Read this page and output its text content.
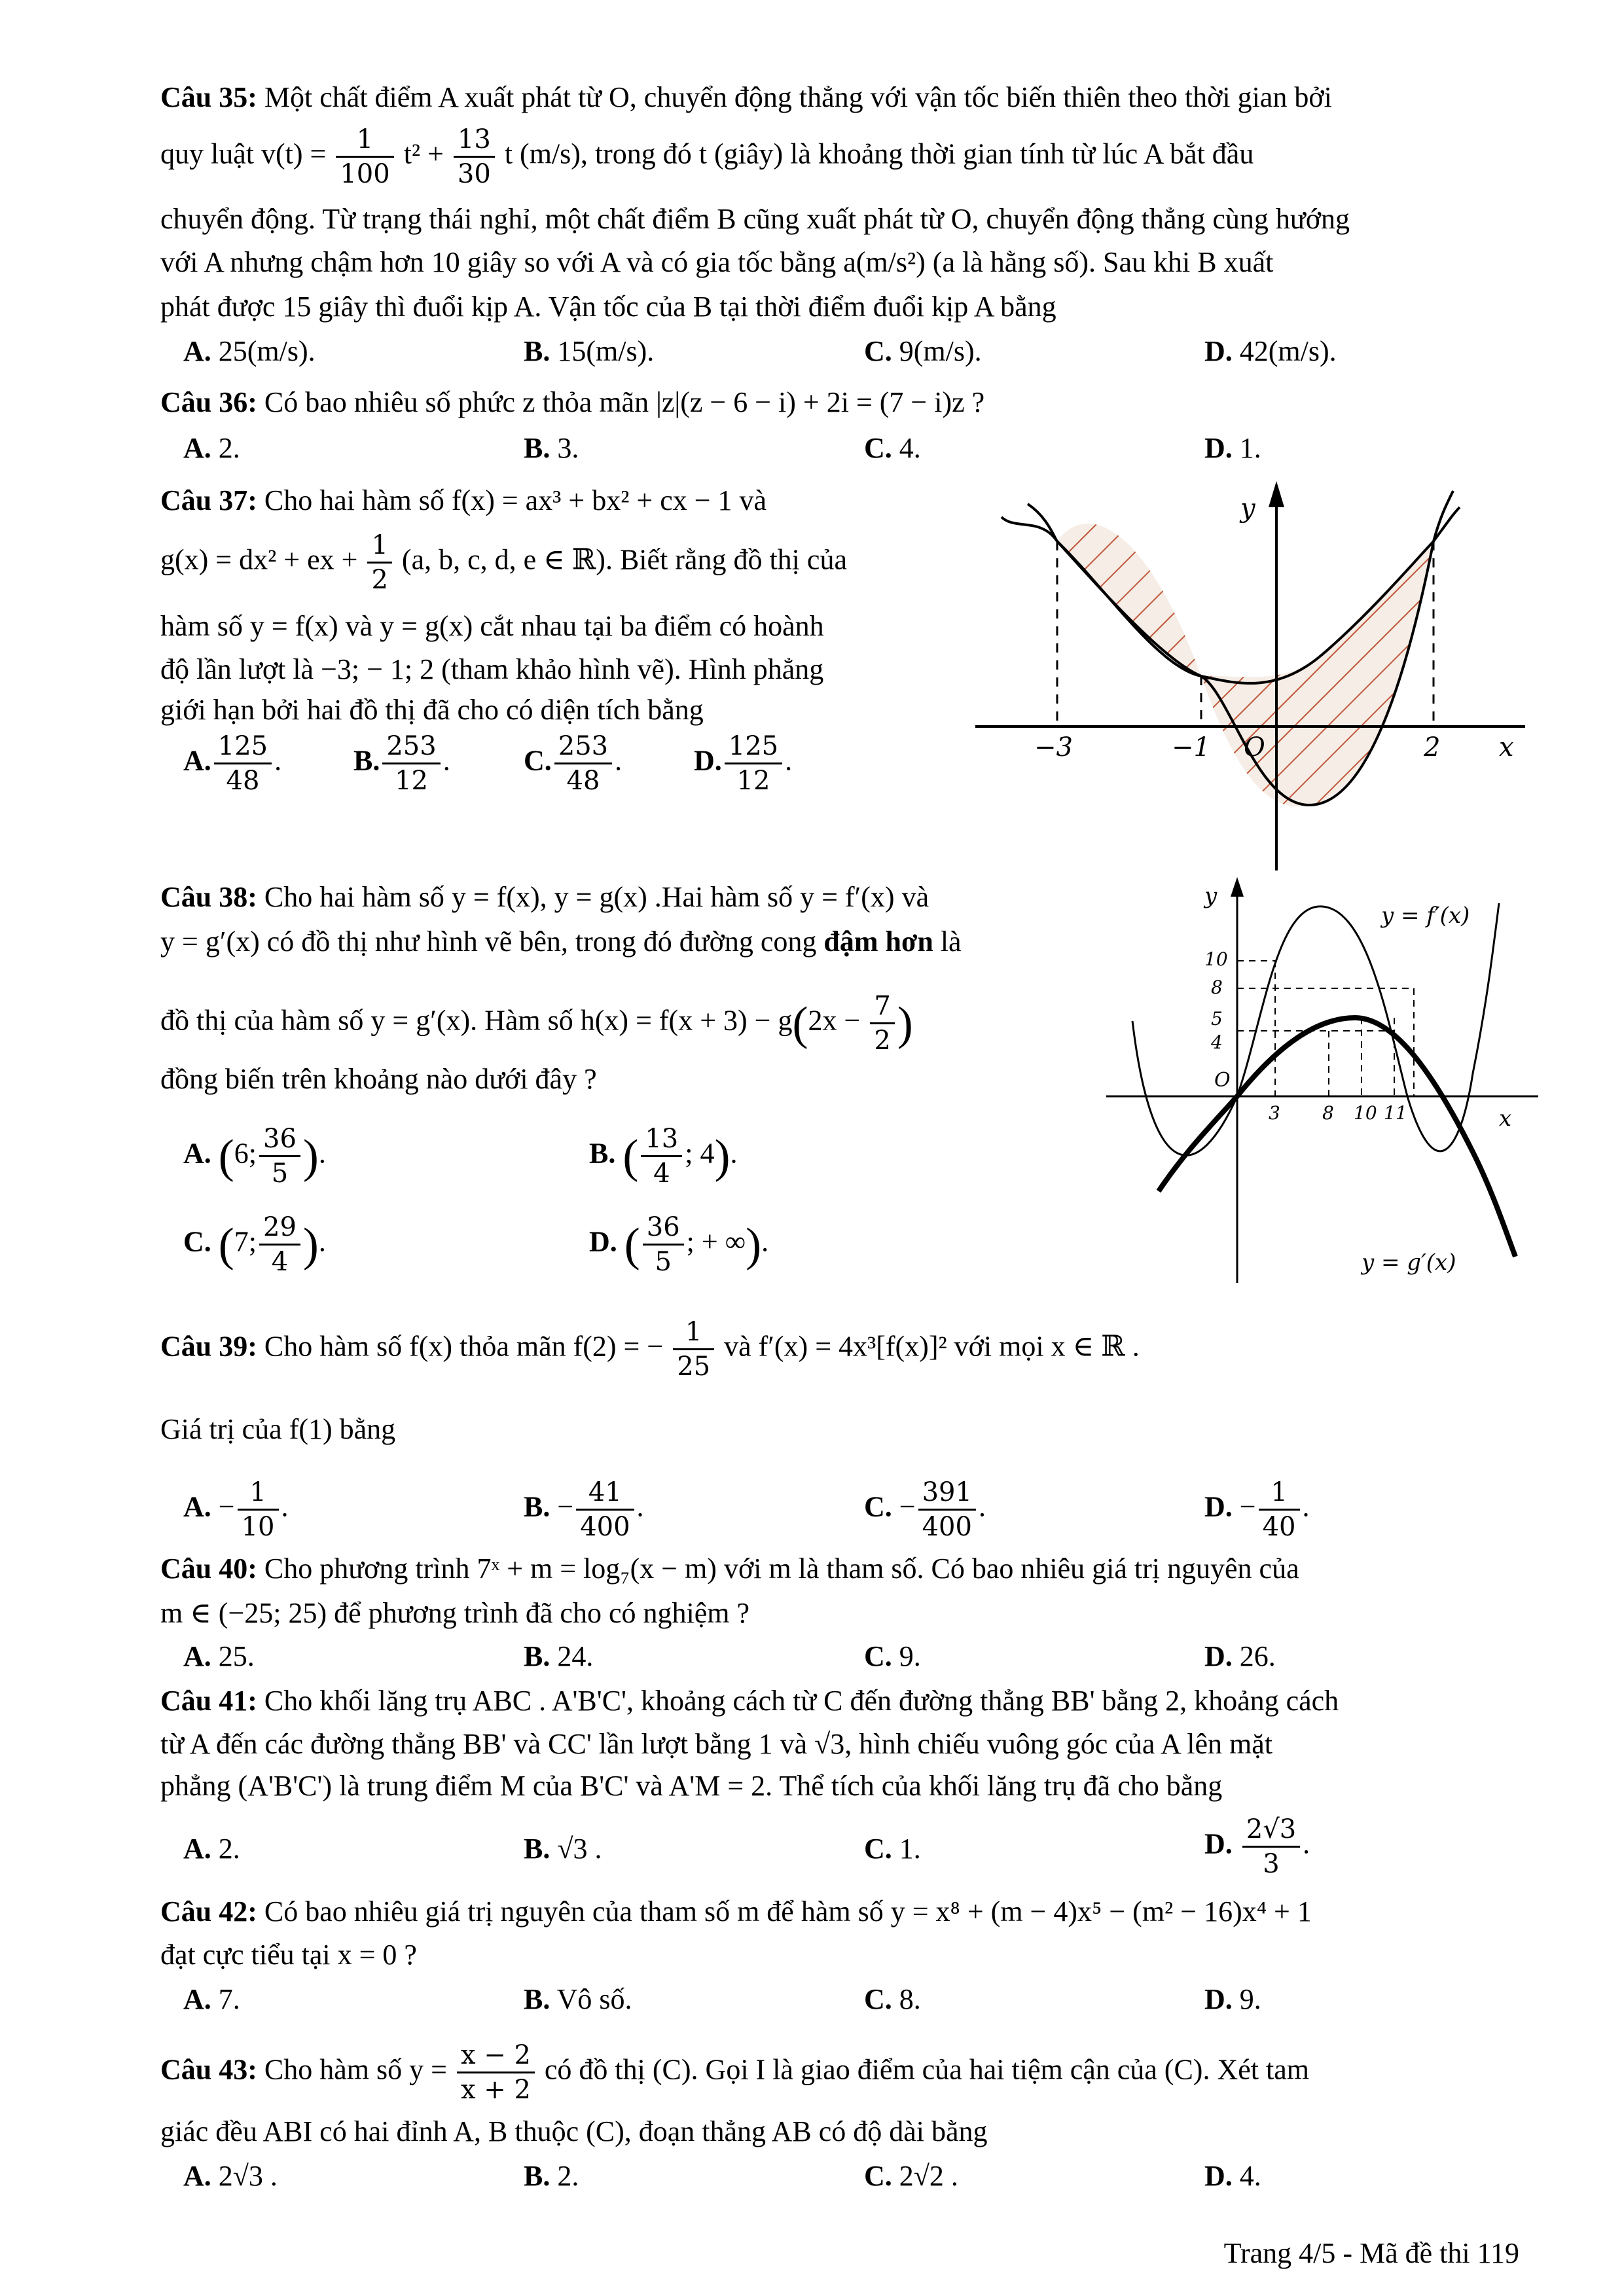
Câu 35: Một chất điểm A xuất phát từ O, chuyển động thẳng với vận tốc biến thiên theo thời gian bởi
quy luật $v(t) = \frac{1}{100} t^2 + \frac{13}{30}$ t (m/s), trong đó t (giây) là khoảng thời gian tính từ lúc A bắt đầu
chuyển động. Từ trạng thái nghỉ, một chất điểm B cũng xuất phát từ O, chuyển động thẳng cùng hướng
với A nhưng chậm hơn 10 giây so với A và có gia tốc bằng a(m/s²) (a là hằng số). Sau khi B xuất
phát được 15 giây thì đuổi kịp A. Vận tốc của B tại thời điểm đuổi kịp A bằng
A. 25(m/s).	B. 15(m/s).	C. 9(m/s).	D. 42(m/s).
Câu 36: Có bao nhiêu số phức z thỏa mãn |z|(z − 6 − i) + 2i = (7 − i)z ?
A. 2.	B. 3.	C. 4.	D. 1.
Câu 37: Cho hai hàm số f(x) = ax³ + bx² + cx − 1 và
g(x) = dx² + ex + $\frac{1}{2} (a$, b, c, d, e ∈ ℝ). Biết rằng đồ thị của
hàm số y = f(x) và y = g(x) cắt nhau tại ba điểm có hoành
độ lần lượt là −3; − 1; 2 (tham khảo hình vẽ). Hình phẳng
giới hạn bởi hai đồ thị đã cho có diện tích bằng
A. $\frac{125}{48}$ . B. $\frac{253}{12}$ .	C. $\frac{253}{48}$ . D. $\frac{125}{12}$ .
y
x
−3	−1	2
O
Câu 38: Cho hai hàm số y = f(x), y = g(x) .Hai hàm số y = f′(x) và
y = g′(x) có đồ thị như hình vẽ bên, trong đó đường cong đậm hơn là
đồ thị của hàm số y = g′(x). Hàm số $h(x) = f(x + 3) - g(2x - \frac{7}{2}$ )
đồng biến trên khoảng nào dưới đây ?
A. (6; $\frac{36}{5}$ ).	B. ( $\frac{13}{4}$ ; 4).
C. (7; $\frac{29}{4}$ ).	D. ( $\frac{36}{5}$ ; + ∞).
y
x
O
y = f′(x)
y = g′(x)
10
8
5
4
3 8 10 11
Câu 39: Cho hàm số f(x) thỏa mãn f(2) = − $\frac{1}{25}$ và f′(x) = 4x³[f(x)]² với mọi x ∈ ℝ .
Giá trị của f(1) bằng
A. − $\frac{1}{10}$ .	B. − $\frac{41}{400}$ .	C. − $\frac{391}{400}$ .	D. − $\frac{1}{40}$ .
Câu 40: Cho phương trình 7ˣ + m = log₇(x − m) với m là tham số. Có bao nhiêu giá trị nguyên của
m ∈ (−25; 25) để phương trình đã cho có nghiệm ?
A. 25.	B. 24.	C. 9.	D. 26.
Câu 41: Cho khối lăng trụ ABC . A'B'C', khoảng cách từ C đến đường thẳng BB' bằng 2, khoảng cách
từ A đến các đường thẳng BB' và CC' lần lượt bằng 1 và √3, hình chiếu vuông góc của A lên mặt
phẳng (A'B'C') là trung điểm M của B'C' và A'M = 2. Thể tích của khối lăng trụ đã cho bằng
A. 2.	B. √3 .	C. 1.	D. $\frac{2√3}{3}$ .
Câu 42: Có bao nhiêu giá trị nguyên của tham số m để hàm số y = x⁸ + (m − 4)x⁵ − (m² − 16)x⁴ + 1
đạt cực tiểu tại x = 0 ?
A. 7.	B. Vô số.	C. 8.	D. 9.
Câu 43: Cho hàm số $y = \frac{x - 2}{x + 2}$ có đồ thị (C). Gọi I là giao điểm của hai tiệm cận của (C). Xét tam
giác đều ABI có hai đỉnh A, B thuộc (C), đoạn thẳng AB có độ dài bằng
A. 2√3 .	B. 2.	C. 2√2 .	D. 4.
Trang 4/5 - Mã đề thi 119
